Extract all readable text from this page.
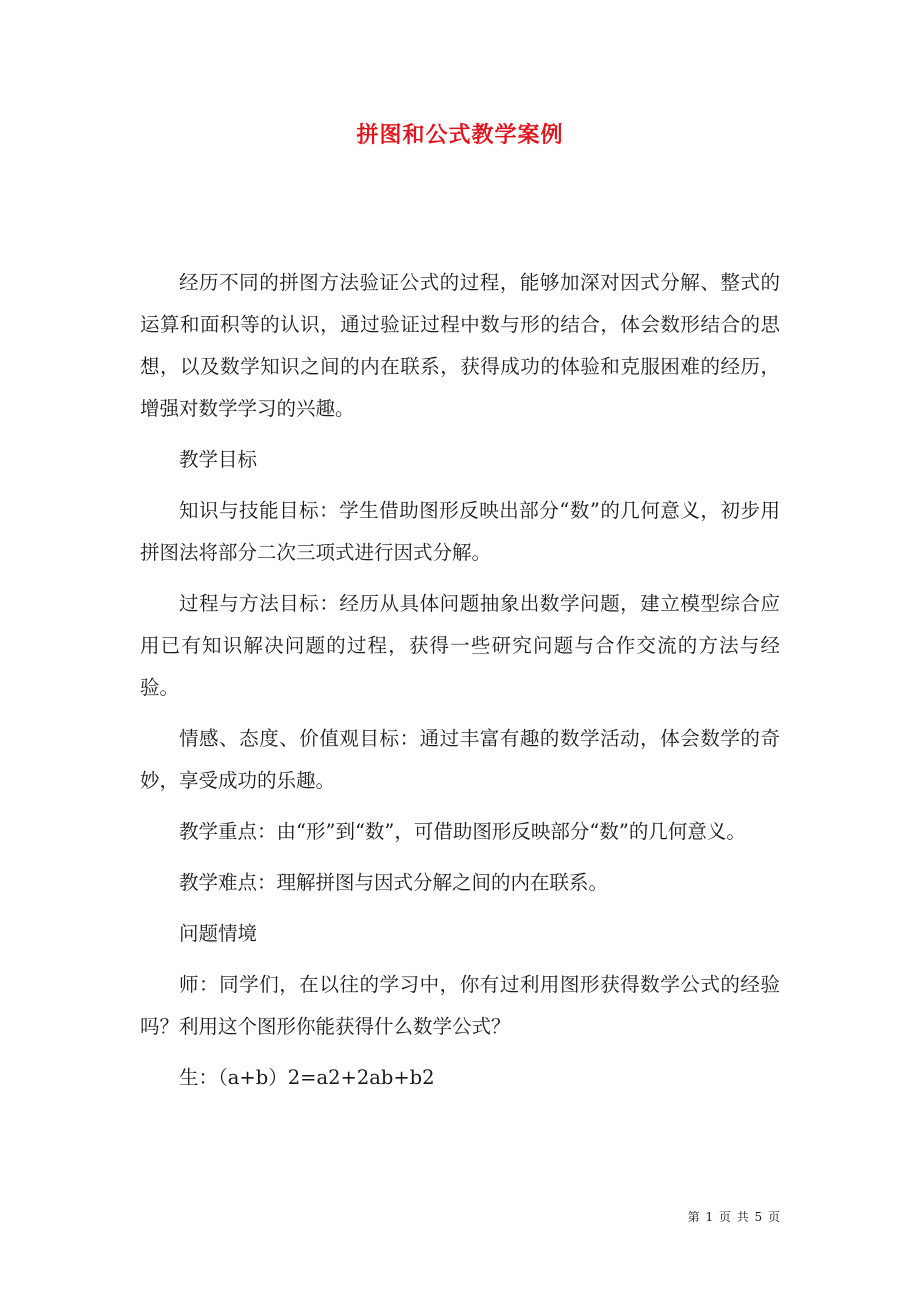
拼图和公式教学案例

经历不同的拼图方法验证公式的过程，能够加深对因式分解、整式的运算和面积等的认识，通过验证过程中数与形的结合，体会数形结合的思想，以及数学知识之间的内在联系，获得成功的体验和克服困难的经历，增强对数学学习的兴趣。

教学目标

知识与技能目标：学生借助图形反映出部分“数”的几何意义，初步用拼图法将部分二次三项式进行因式分解。

过程与方法目标：经历从具体问题抽象出数学问题，建立模型综合应用已有知识解决问题的过程，获得一些研究问题与合作交流的方法与经验。

情感、态度、价值观目标：通过丰富有趣的数学活动，体会数学的奇妙，享受成功的乐趣。

教学重点：由“形”到“数”，可借助图形反映部分“数”的几何意义。

教学难点：理解拼图与因式分解之间的内在联系。

问题情境

师：同学们，在以往的学习中，你有过利用图形获得数学公式的经验吗？利用这个图形你能获得什么数学公式？

生：（a+b）2=a2+2ab+b2

第 1 页 共 5 页
